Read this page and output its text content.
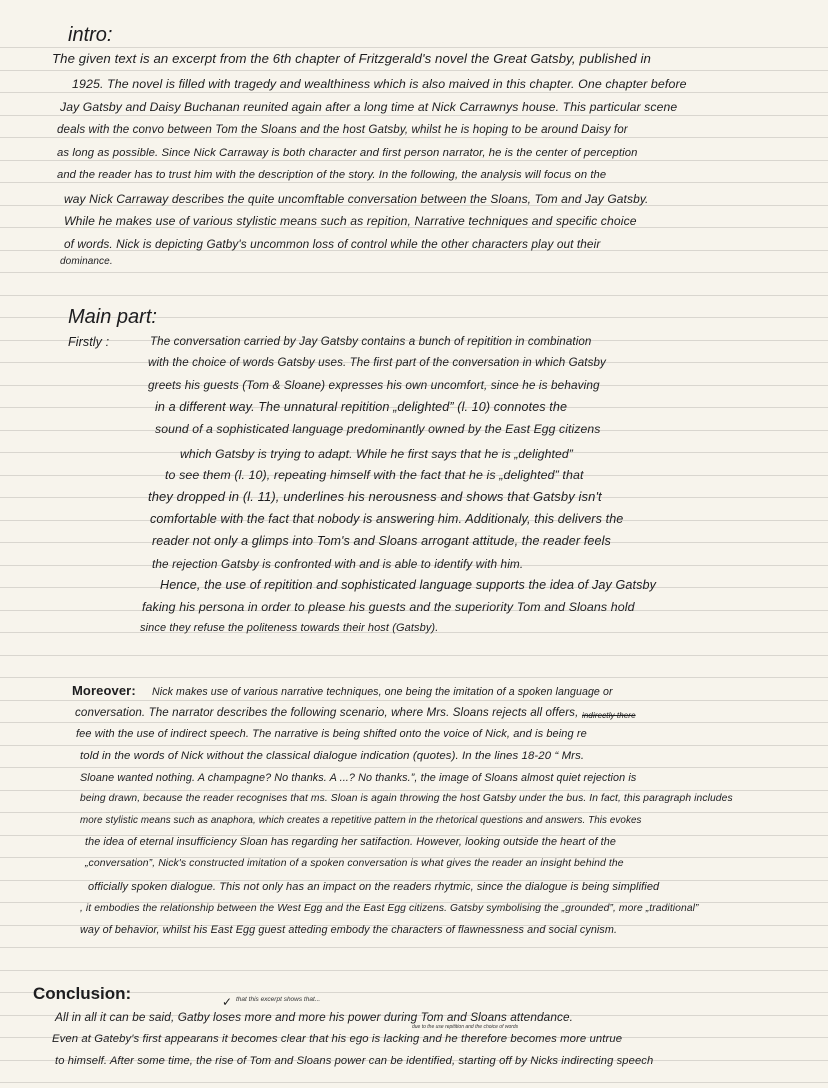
intro:
Main part:
Firstly :
Moreover:
indirectly there
Conclusion:	✓ that this excerpt shows that...
due to the use repitition and the choice of words
The given text is an excerpt from the 6th chapter of Fritzgerald's novel the Great Gatsby, published in
1925. The novel is filled with tragedy and wealthiness which is also maived in this chapter. One chapter before
Jay Gatsby and Daisy Buchanan reunited again after a long time at Nick Carrawnys house. This particular scene
deals with the convo between Tom the Sloans and the host Gatsby, whilst he is hoping to be around Daisy for
as long as possible. Since Nick Carraway is both character and first person narrator, he is the center of perception
and the reader has to trust him with the description of the story. In the following, the analysis will focus on the
way Nick Carraway describes the quite uncomftable conversation between the Sloans, Tom and Jay Gatsby.
While he makes use of various stylistic means such as repition, Narrative techniques and specific choice
of words. Nick is depicting Gatby's uncommon loss of control while the other characters play out their
dominance.
The conversation carried by Jay Gatsby contains a bunch of repitition in combination
with the choice of words Gatsby uses. The first part of the conversation in which Gatsby
greets his guests (Tom & Sloane) expresses his own uncomfort, since he is behaving
in a different way. The unnatural repitition „delighted” (l. 10) connotes the
sound of a sophisticated language predominantly owned by the East Egg citizens
which Gatsby is trying to adapt. While he first says that he is „delighted”
to see them (l. 10), repeating himself with the fact that he is „delighted” that
they dropped in (l. 11), underlines his nerousness and shows that Gatsby isn't
comfortable with the fact that nobody is answering him. Additionaly, this delivers the
reader not only a glimps into Tom's and Sloans arrogant attitude, the reader feels
the rejection Gatsby is confronted with and is able to identify with him.
Hence, the use of repitition and sophisticated language supports the idea of Jay Gatsby
faking his persona in order to please his guests and the superiority Tom and Sloans hold
since they refuse the politeness towards their host (Gatsby).
Nick makes use of various narrative techniques, one being the imitation of a spoken language or
conversation. The narrator describes the following scenario, where Mrs. Sloans rejects all offers,
fee with the use of indirect speech. The narrative is being shifted onto the voice of Nick, and is being re
told in the words of Nick without the classical dialogue indication (quotes). In the lines 18-20 “ Mrs.
Sloane wanted nothing. A champagne? No thanks. A ...? No thanks.”, the image of Sloans almost quiet rejection is
being drawn, because the reader recognises that ms. Sloan is again throwing the host Gatsby under the bus. In fact, this paragraph includes
more stylistic means such as anaphora, which creates a repetitive pattern in the rhetorical questions and answers. This evokes
the idea of eternal insufficiency Sloan has regarding her satifaction. However, looking outside the heart of the
„conversation”, Nick's constructed imitation of a spoken conversation is what gives the reader an insight behind the
officially spoken dialogue. This not only has an impact on the readers rhytmic, since the dialogue is being simplified
, it embodies the relationship between the West Egg and the East Egg citizens. Gatsby symbolising the „grounded”, more „traditional”
way of behavior, whilst his East Egg guest atteding embody the characters of flawnessness and social cynism.
All in all it can be said, Gatby loses more and more his power during Tom and Sloans attendance.
Even at Gateby's first appearans it becomes clear that his ego is lacking and he therefore becomes more untrue
to himself. After some time, the rise of Tom and Sloans power can be identified, starting off by Nicks indirecting speech
